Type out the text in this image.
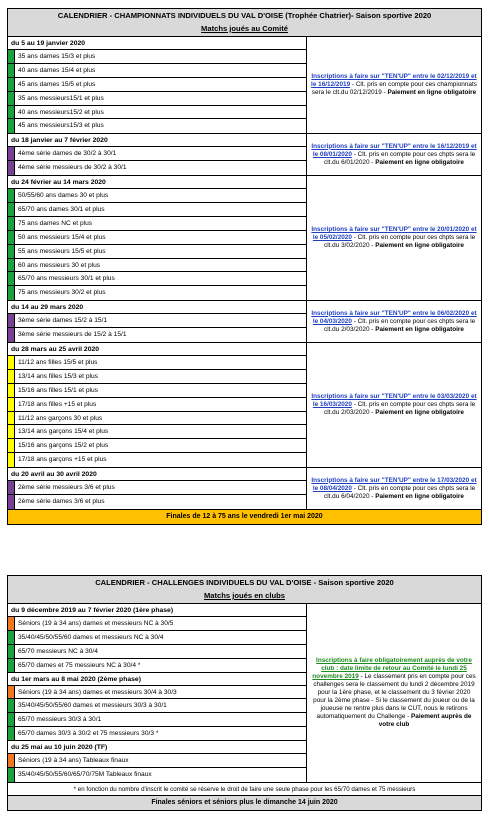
CALENDRIER - CHAMPIONNATS INDIVIDUELS DU VAL D'OISE (Trophée Chatrier)- Saison sportive 2020
Matchs joués au Comité
du 5 au 19 janvier 2020
35 ans dames 15/3 et plus
40 ans dames 15/4 et plus
45 ans dames 15/5 et plus
35 ans messieurs15/1 et plus
40 ans messieurs15/2 et plus
45 ans messieurs15/3 et plus
Inscriptions à faire sur "TEN'UP" entre le 02/12/2019 et le 16/12/2019 - Clt. pris en compte pour ces championnats sera le clt.du 02/12/2019 - Paiement en ligne obligatoire
du 18 janvier au 7 février 2020
4ème série dames de 30/2 à 30/1
4ème série messieurs de 30/2 à 30/1
Inscriptions à faire sur "TEN'UP" entre le 16/12/2019 et le 08/01/2020 - Clt. pris en compte pour ces chpts sera le clt.du 6/01/2020 - Paiement en ligne obligatoire
du 24 février au 14 mars 2020
50/55/60 ans dames 30 et plus
65/70 ans dames 30/1 et plus
75 ans dames NC et plus
50 ans messieurs 15/4 et plus
55 ans messieurs 15/5 et plus
60 ans messieurs 30 et plus
65/70 ans messieurs 30/1 et plus
75 ans messieurs 30/2 et plus
Inscriptions à faire sur "TEN'UP" entre le 20/01/2020 et le 05/02/2020 - Clt. pris en compte pour ces chpts sera le clt.du 3/02/2020 - Paiement en ligne obligatoire
du 14 au 29 mars 2020
3ème série dames 15/2 à 15/1
3ème série messieurs de 15/2 à 15/1
Inscriptions à faire sur "TEN'UP" entre le 06/02/2020 et le 04/03/2020 - Clt. pris en compte pour ces chpts sera le clt.du 2/03/2020 - Paiement en ligne obligatoire
du 28 mars au 25 avril 2020
11/12 ans filles 15/5 et plus
13/14 ans filles 15/3 et plus
15/16 ans filles 15/1 et plus
17/18 ans filles +15 et plus
11/12 ans garçons 30 et plus
13/14 ans garçons 15/4 et plus
15/16 ans garçons 15/2 et plus
17/18 ans garçons +15 et plus
Inscriptions à faire sur "TEN'UP" entre le 03/03/2020 et le 16/03/2020 - Clt. pris en compte pour ces chpts sera le clt.du 2/03/2020 - Paiement en ligne obligatoire
du 20 avril au 30 avril 2020
2ème série messieurs 3/6 et plus
2ème série dames 3/6 et plus
Inscriptions à faire sur "TEN'UP" entre le 17/03/2020 et le 08/04/2020 - Clt. pris en compte pour ces chpts sera le clt.du 6/04/2020 - Paiement en ligne obligatoire
Finales de 12 à 75 ans le vendredi 1er mai 2020
CALENDRIER - CHALLENGES INDIVIDUELS DU VAL D'OISE - Saison sportive 2020
Matchs joués en clubs
du 9 décembre 2019 au 7 février 2020 (1ère phase)
Séniors (19 à 34 ans) dames et messieurs NC à 30/5
35/40/45/50/55/60 dames et messieurs NC à 30/4
65/70 messieurs NC à 30/4
65/70 dames et 75 messieurs NC à 30/4 *
du 1er mars au 8 mai 2020 (2ème phase)
Séniors (19 à 34 ans) dames et messieurs 30/4 à 30/3
35/40/45/50/55/60 dames et messieurs 30/3 à 30/1
65/70 messieurs 30/3 à 30/1
65/70 dames 30/3 à 30/2 et 75 messieurs 30/3 *
du 25 mai au 10 juin 2020 (TF)
Séniors (19 à 34 ans) Tableaux finaux
35/40/45/50/55/60/65/70/75M Tableaux finaux
Inscriptions à faire obligatoirement auprès de votre club : date limite de retour au Comité le lundi 25 novembre 2019 - Le classement pris en compte pour ces challenges sera le classement du lundi 2 décembre 2019 pour la 1ère phase, et le classement du 3 février 2020 pour la 2ème phase - Si le classement du joueur ou de la joueuse ne rentre plus dans le CUT, nous le retirons automatiquement du Challenge - Paiement auprès de votre club
* en fonction du nombre d'inscrit le comité se réserve le droit de faire une seule phase pour les 65/70 dames et 75 messieurs
Finales séniors et séniors plus le dimanche 14 juin 2020
